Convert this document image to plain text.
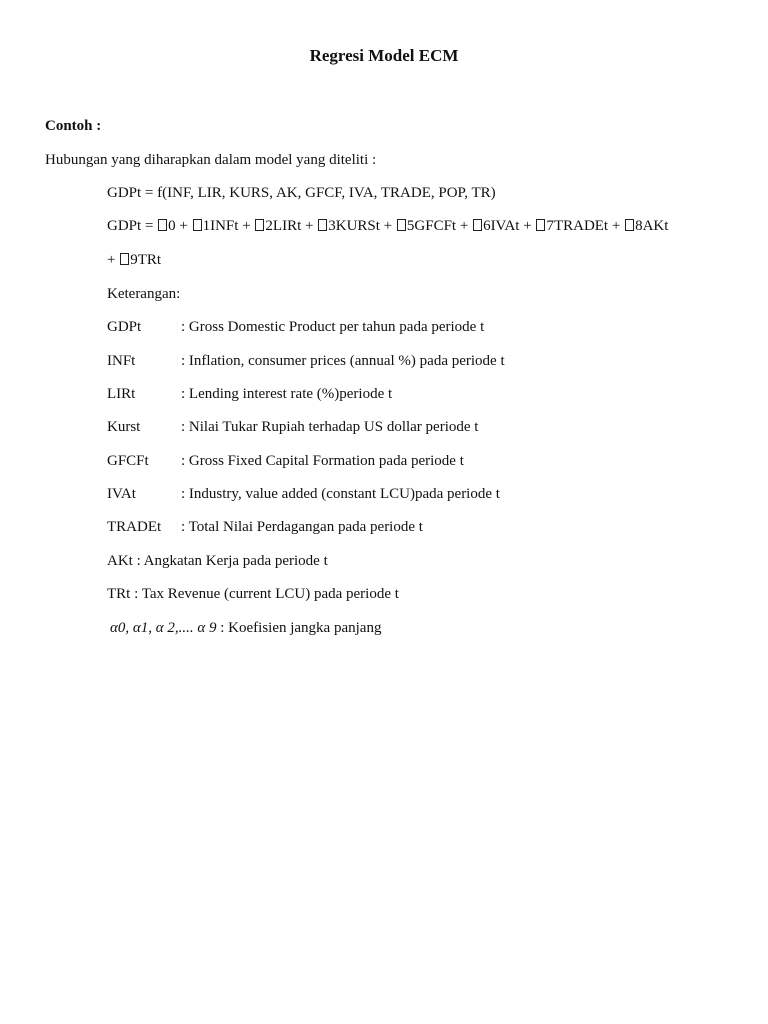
Regresi Model ECM
Contoh :
Hubungan yang diharapkan dalam model yang diteliti :
GDPt = f(INF, LIR, KURS, AK, GFCF, IVA, TRADE, POP, TR)
GDPt = 0 + 1INFt + 2LIRt + 3KURSt + 5GFCFt + 6IVAt + 7TRADEt + 8AKt
+ 9TRt
Keterangan:
GDPt	: Gross Domestic Product per tahun pada periode t
INFt	: Inflation, consumer prices (annual %) pada periode t
LIRt	: Lending interest rate (%)periode t
Kurst	: Nilai Tukar Rupiah terhadap US dollar periode t
GFCFt : Gross Fixed Capital Formation pada periode t
IVAt	: Industry, value added (constant LCU)pada periode t
TRADEt : Total Nilai Perdagangan pada periode t
AKt : Angkatan Kerja pada periode t
TRt : Tax Revenue (current LCU) pada periode t
α0, α1, α 2,.... α 9 : Koefisien jangka panjang
